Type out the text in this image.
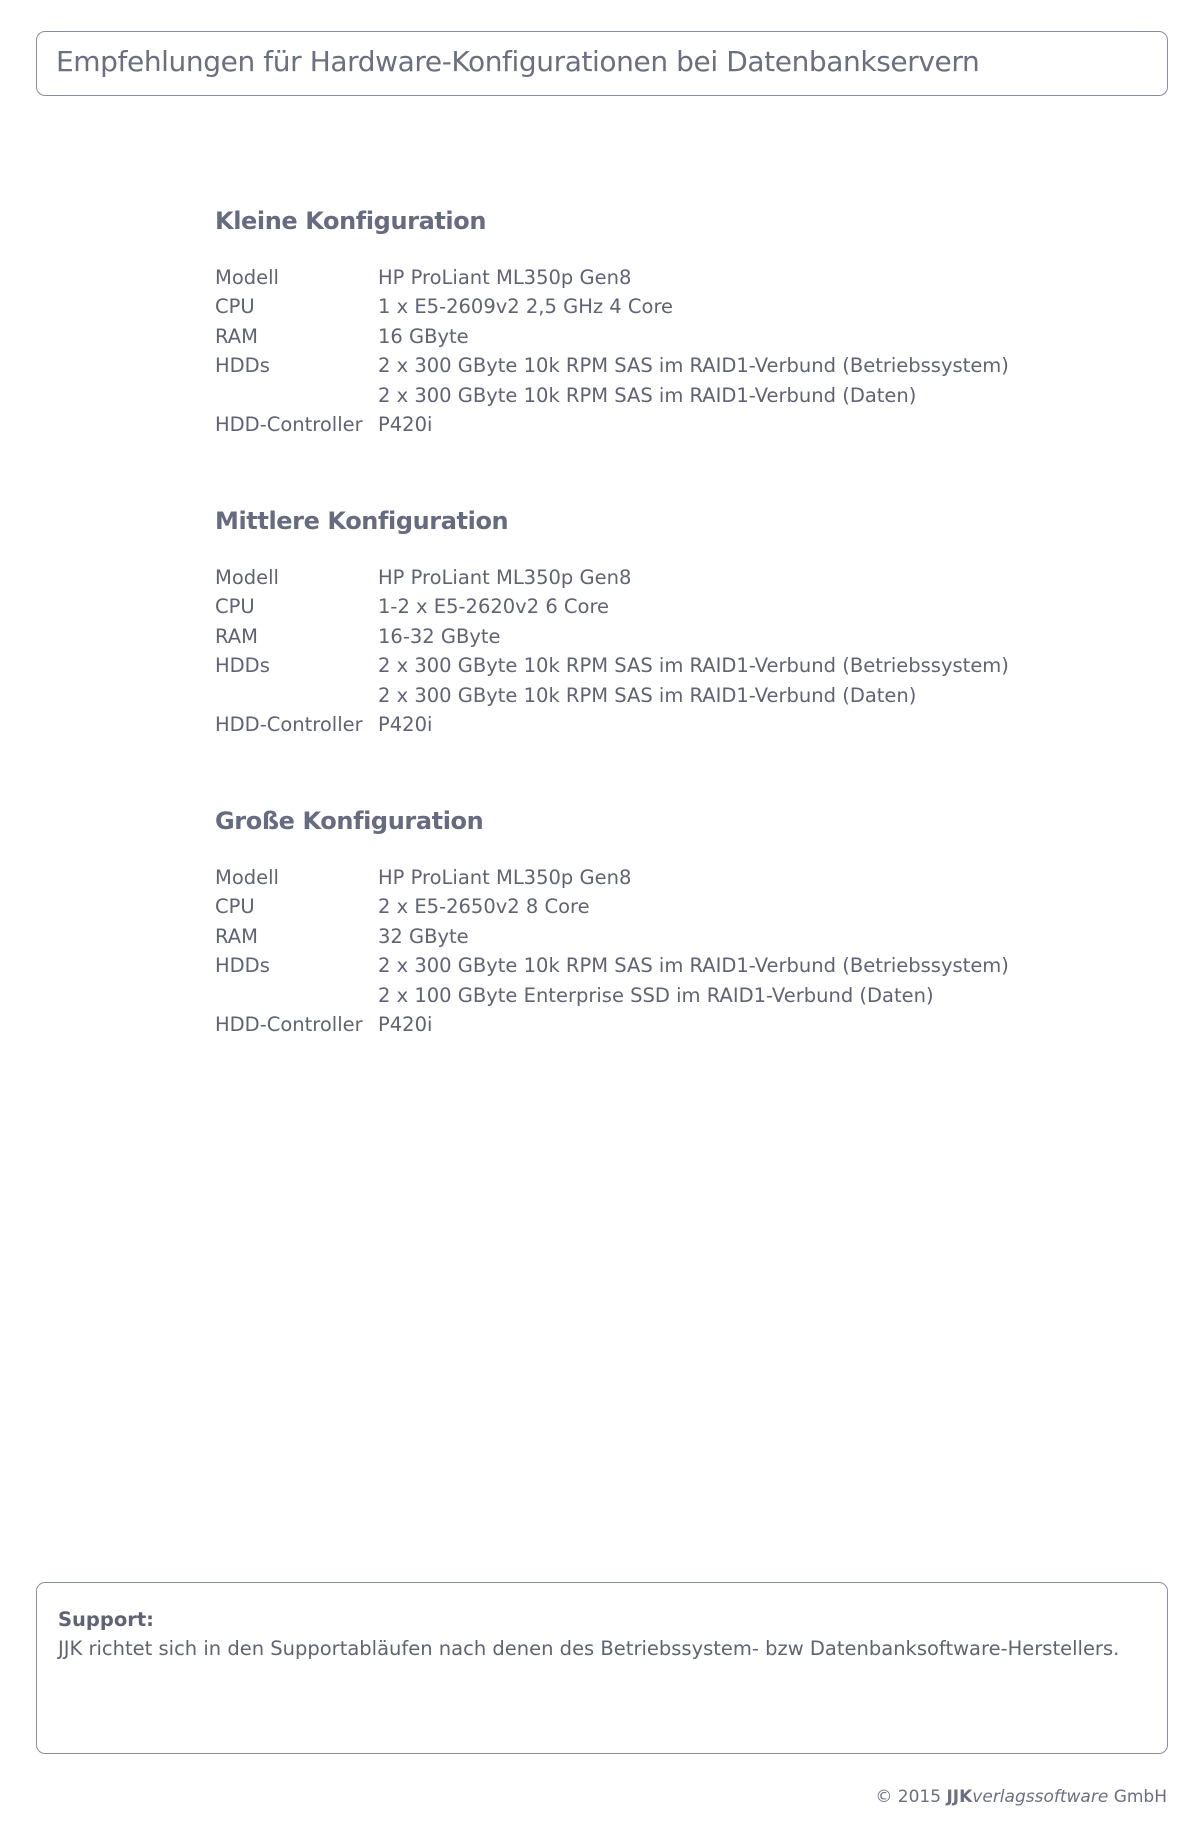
Empfehlungen für Hardware-Konfigurationen bei Datenbankservern
Kleine Konfiguration
Modell	HP ProLiant ML350p Gen8
CPU	1 x E5-2609v2 2,5 GHz 4 Core
RAM	16 GByte
HDDs	2 x 300 GByte 10k RPM SAS im RAID1-Verbund (Betriebssystem)
2 x 300 GByte 10k RPM SAS im RAID1-Verbund (Daten)
HDD-Controller P420i
Mittlere Konfiguration
Modell	HP ProLiant ML350p Gen8
CPU	1-2 x E5-2620v2 6 Core
RAM	16-32 GByte
HDDs	2 x 300 GByte 10k RPM SAS im RAID1-Verbund (Betriebssystem)
2 x 300 GByte 10k RPM SAS im RAID1-Verbund (Daten)
HDD-Controller P420i
Große Konfiguration
Modell	HP ProLiant ML350p Gen8
CPU	2 x E5-2650v2 8 Core
RAM	32 GByte
HDDs	2 x 300 GByte 10k RPM SAS im RAID1-Verbund (Betriebssystem)
2 x 100 GByte Enterprise SSD im RAID1-Verbund (Daten)
HDD-Controller P420i
Support:
JJK richtet sich in den Supportabläufen nach denen des Betriebssystem- bzw Datenbanksoftware-Herstellers.
© 2015 JJKverlagssoftware GmbH
